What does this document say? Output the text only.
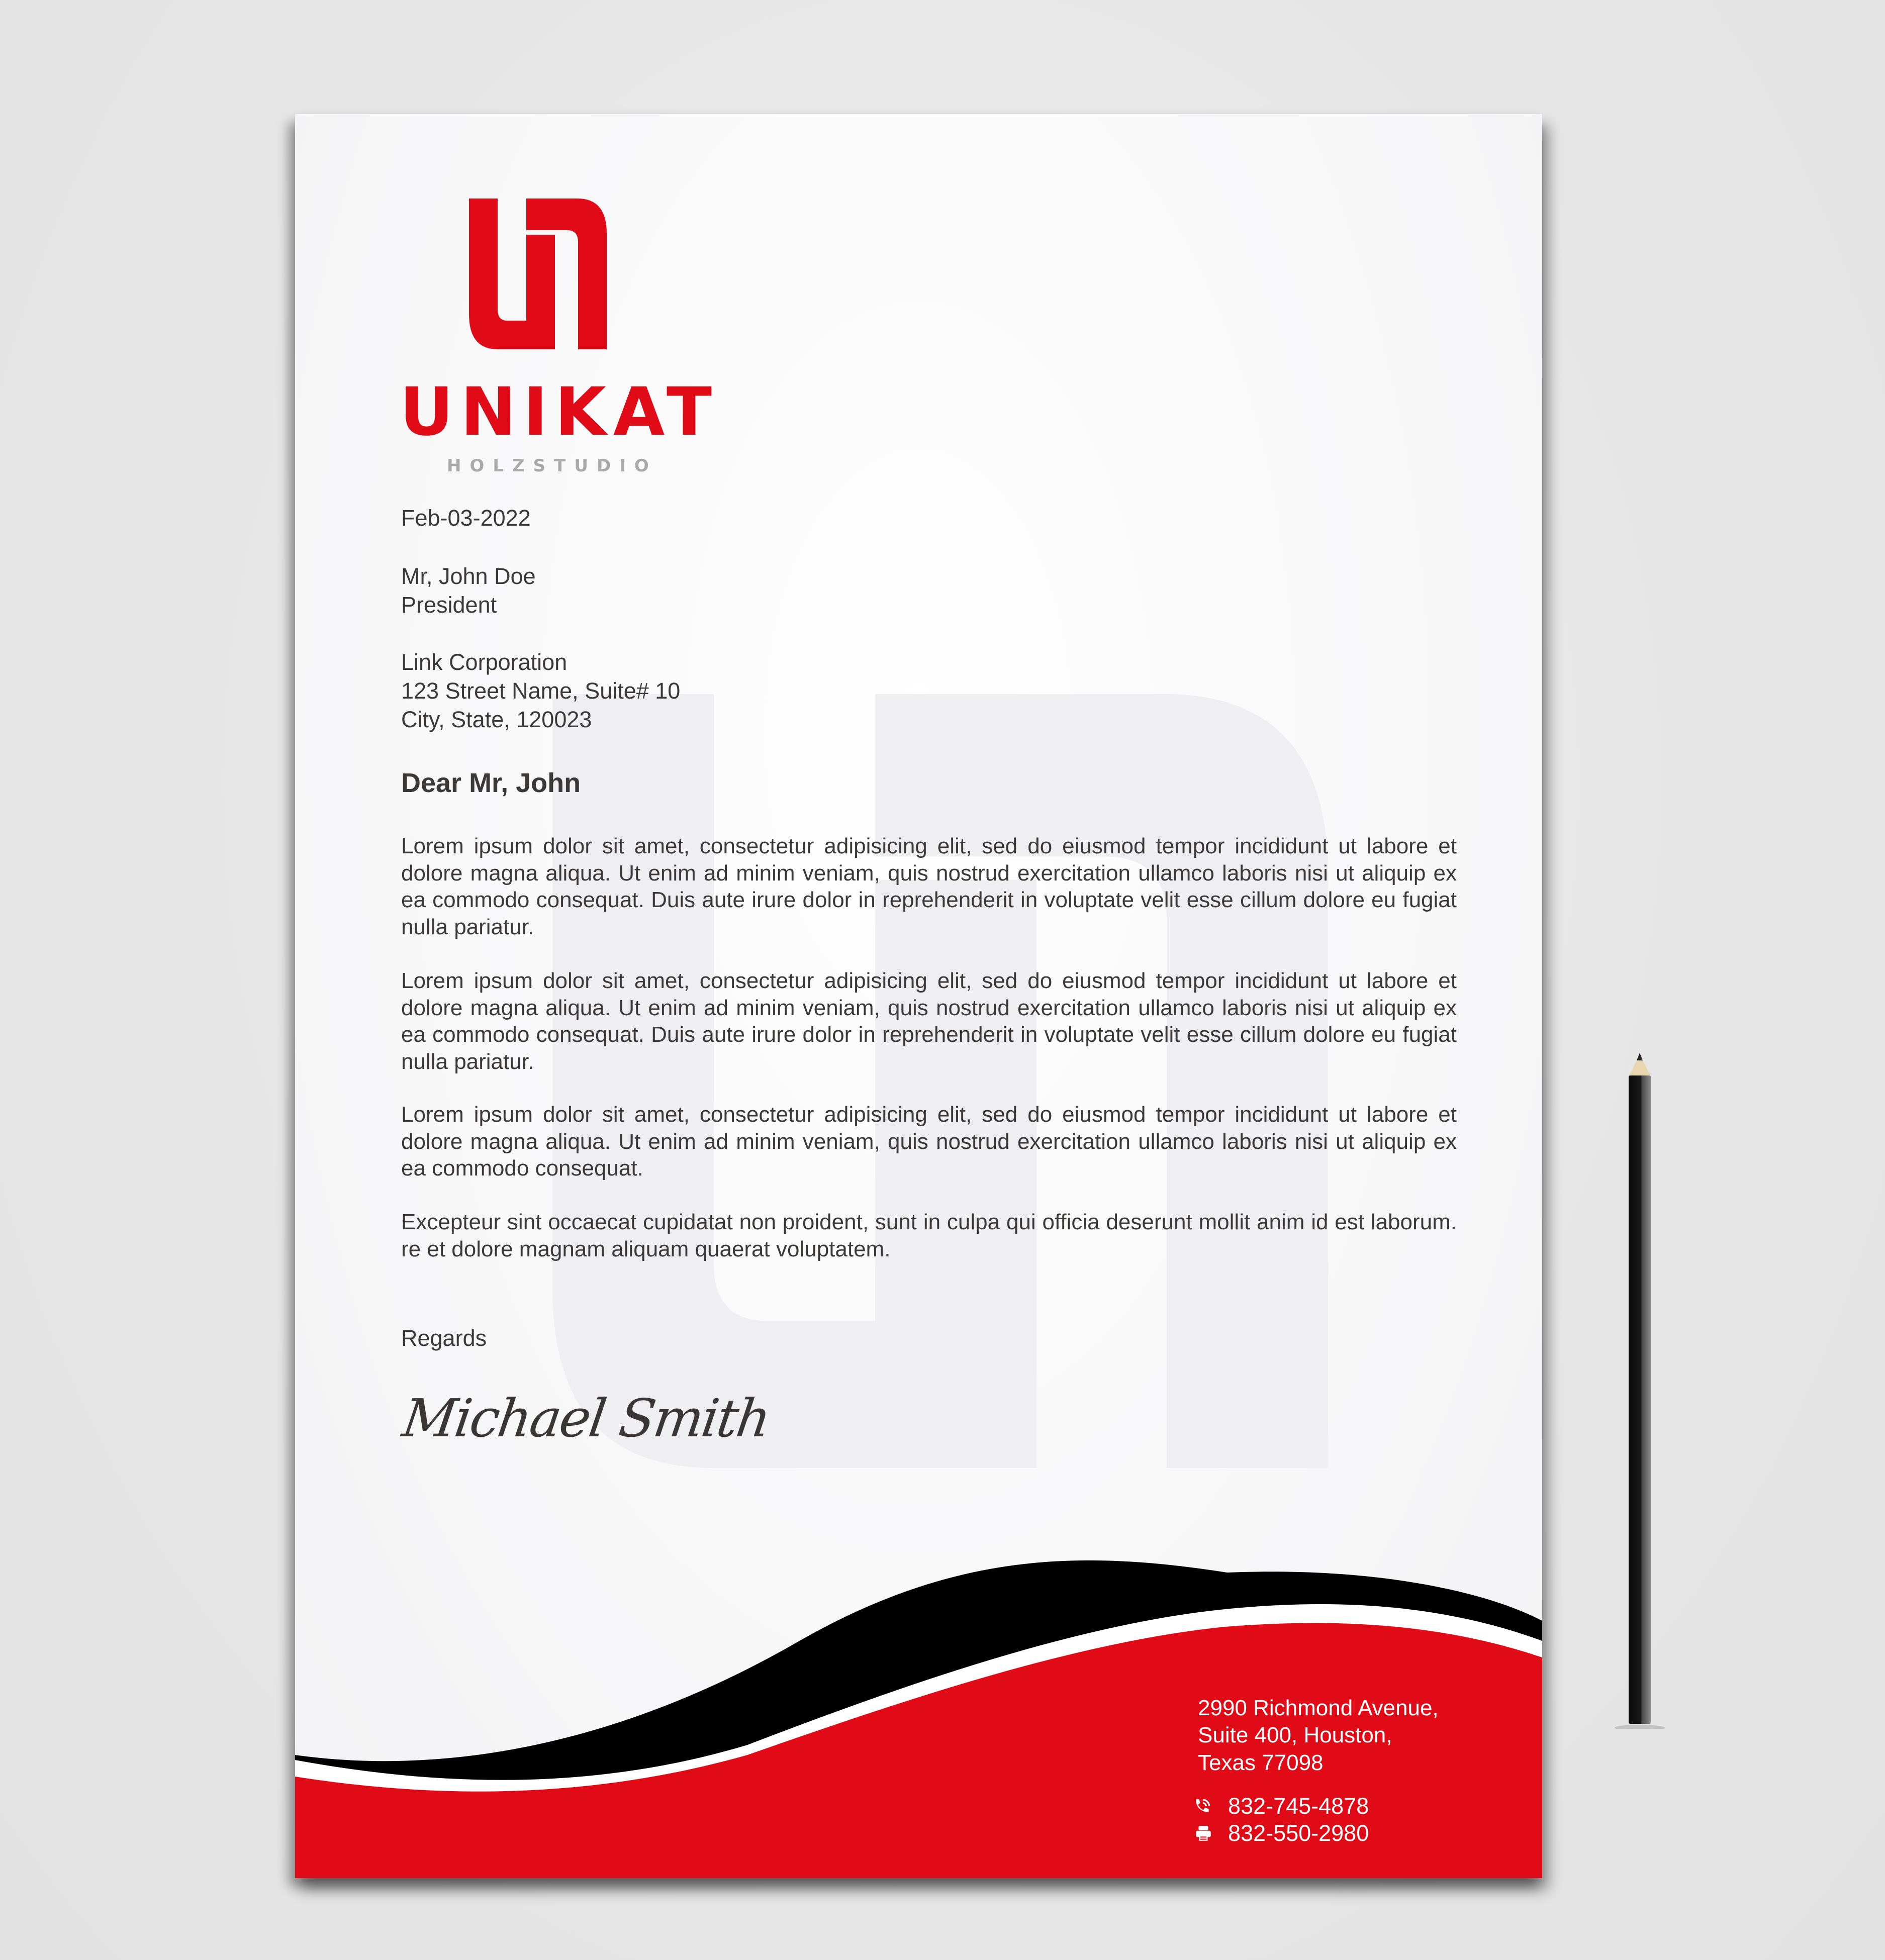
UNIKAT
HOLZSTUDIO
Feb-03-2022
Mr, John Doe
President
Link Corporation
123 Street Name, Suite# 10
City, State, 120023
Dear Mr, John

Lorem ipsum dolor sit amet, consectetur adipisicing elit, sed do eiusmod tempor incididunt ut labore et dolore magna aliqua. Ut enim ad minim veniam, quis nostrud exercitation ullamco laboris nisi ut aliquip ex ea commodo consequat. Duis aute irure dolor in reprehenderit in voluptate velit esse cillum dolore eu fugiat nulla pariatur.

Lorem ipsum dolor sit amet, consectetur adipisicing elit, sed do eiusmod tempor incididunt ut labore et dolore magna aliqua. Ut enim ad minim veniam, quis nostrud exercitation ullamco laboris nisi ut aliquip ex ea commodo consequat. Duis aute irure dolor in reprehenderit in voluptate velit esse cillum dolore eu fugiat nulla pariatur.

Lorem ipsum dolor sit amet, consectetur adipisicing elit, sed do eiusmod tempor incididunt ut labore et dolore magna aliqua. Ut enim ad minim veniam, quis nostrud exercitation ullamco laboris nisi ut aliquip ex ea commodo consequat.

Excepteur sint occaecat cupidatat non proident, sunt in culpa qui officia deserunt mollit anim id est laborum. re et dolore magnam aliquam quaerat voluptatem.

Regards
Michael Smith
2990 Richmond Avenue,
Suite 400, Houston,
Texas 77098
832-745-4878
832-550-2980
